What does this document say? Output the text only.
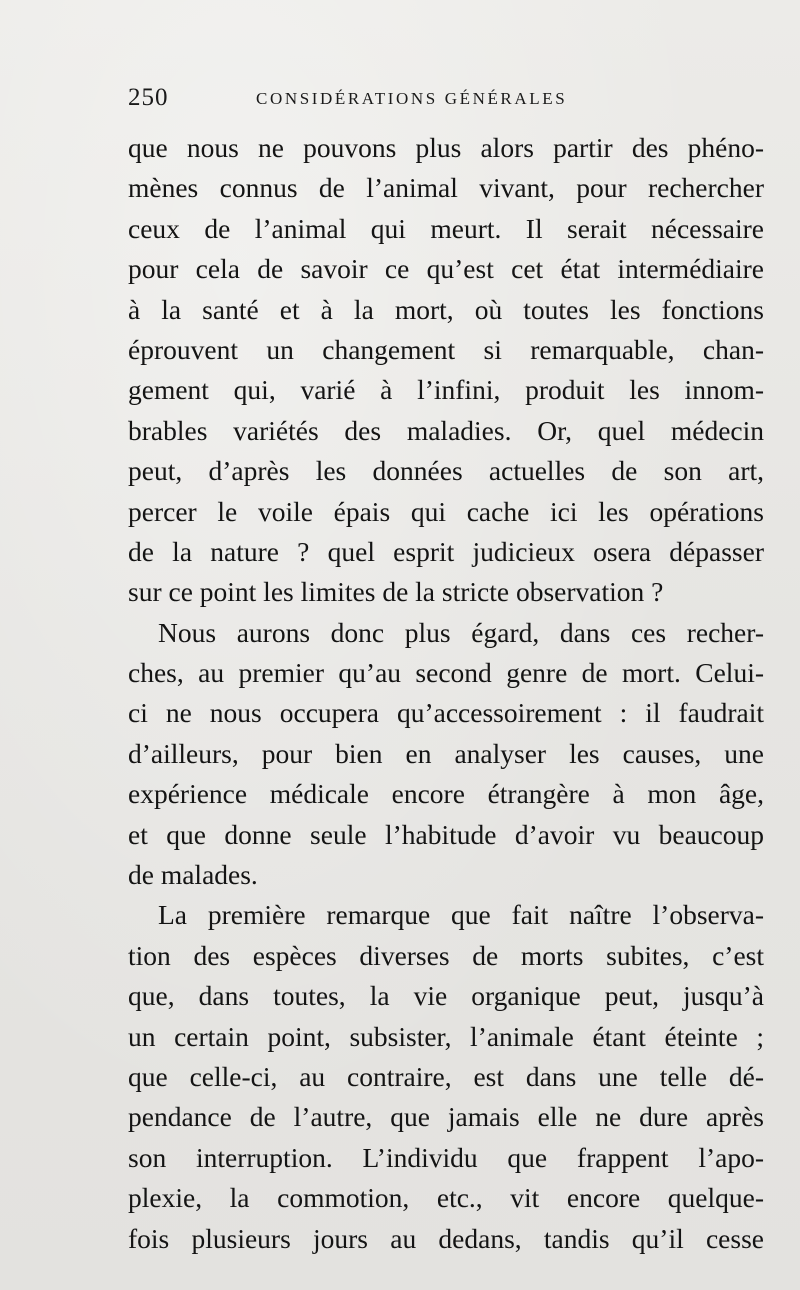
250	CONSIDÉRATIONS GÉNÉRALES
que nous ne pouvons plus alors partir des phéno-
mènes connus de l’animal vivant, pour rechercher
ceux de l’animal qui meurt. Il serait nécessaire
pour cela de savoir ce qu’est cet état intermédiaire
à la santé et à la mort, où toutes les fonctions
éprouvent un changement si remarquable, chan-
gement qui, varié à l’infini, produit les innom-
brables variétés des maladies. Or, quel médecin
peut, d’après les données actuelles de son art,
percer le voile épais qui cache ici les opérations
de la nature ? quel esprit judicieux osera dépasser
sur ce point les limites de la stricte observation ?
Nous aurons donc plus égard, dans ces recher-
ches, au premier qu’au second genre de mort. Celui-
ci ne nous occupera qu’accessoirement : il faudrait
d’ailleurs, pour bien en analyser les causes, une
expérience médicale encore étrangère à mon âge,
et que donne seule l’habitude d’avoir vu beaucoup
de malades.
La première remarque que fait naître l’observa-
tion des espèces diverses de morts subites, c’est
que, dans toutes, la vie organique peut, jusqu’à
un certain point, subsister, l’animale étant éteinte ;
que celle-ci, au contraire, est dans une telle dé-
pendance de l’autre, que jamais elle ne dure après
son interruption. L’individu que frappent l’apo-
plexie, la commotion, etc., vit encore quelque-
fois plusieurs jours au dedans, tandis qu’il cesse
